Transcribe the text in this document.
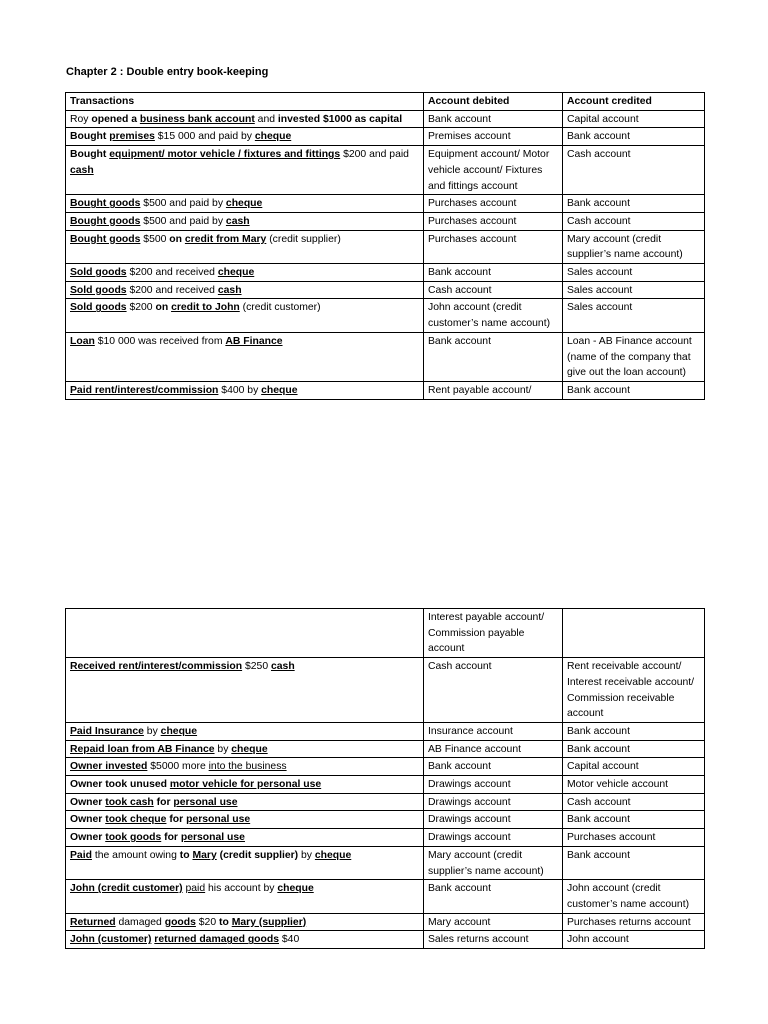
Chapter 2 : Double entry book-keeping
Transactions	Account debited	Account credited
Roy opened a business bank account and invested $1000 as capital	Bank account	Capital account
Bought premises $15 000 and paid by cheque	Premises account	Bank account
Bought equipment/ motor vehicle / fixtures and fittings $200 and paid cash	Equipment account/ Motor vehicle account/ Fixtures and fittings account	Cash account
Bought goods $500 and paid by cheque	Purchases account	Bank account
Bought goods $500 and paid by cash	Purchases account	Cash account
Bought goods $500 on credit from Mary (credit supplier)	Purchases account	Mary account (credit supplier’s name account)
Sold goods $200 and received cheque	Bank account	Sales account
Sold goods $200 and received cash	Cash account	Sales account
Sold goods $200 on credit to John (credit customer)	John account (credit customer’s name account)	Sales account
Loan $10 000 was received from AB Finance	Bank account	Loan - AB Finance account (name of the company that give out the loan account)
Paid rent/interest/commission $400 by cheque	Rent payable account/	Bank account
	Interest payable account/ Commission payable account	
Received rent/interest/commission $250 cash	Cash account	Rent receivable account/ Interest receivable account/ Commission receivable account
Paid Insurance by cheque	Insurance account	Bank account
Repaid loan from AB Finance by cheque	AB Finance account	Bank account
Owner invested $5000 more into the business	Bank account	Capital account
Owner took unused motor vehicle for personal use	Drawings account	Motor vehicle account
Owner took cash for personal use	Drawings account	Cash account
Owner took cheque for personal use	Drawings account	Bank account
Owner took goods for personal use	Drawings account	Purchases account
Paid the amount owing to Mary (credit supplier) by cheque	Mary account (credit supplier’s name account)	Bank account
John (credit customer) paid his account by cheque	Bank account	John account (credit customer’s name account)
Returned damaged goods $20 to Mary (supplier)	Mary account	Purchases returns account
John (customer) returned damaged goods $40	Sales returns account	John account
